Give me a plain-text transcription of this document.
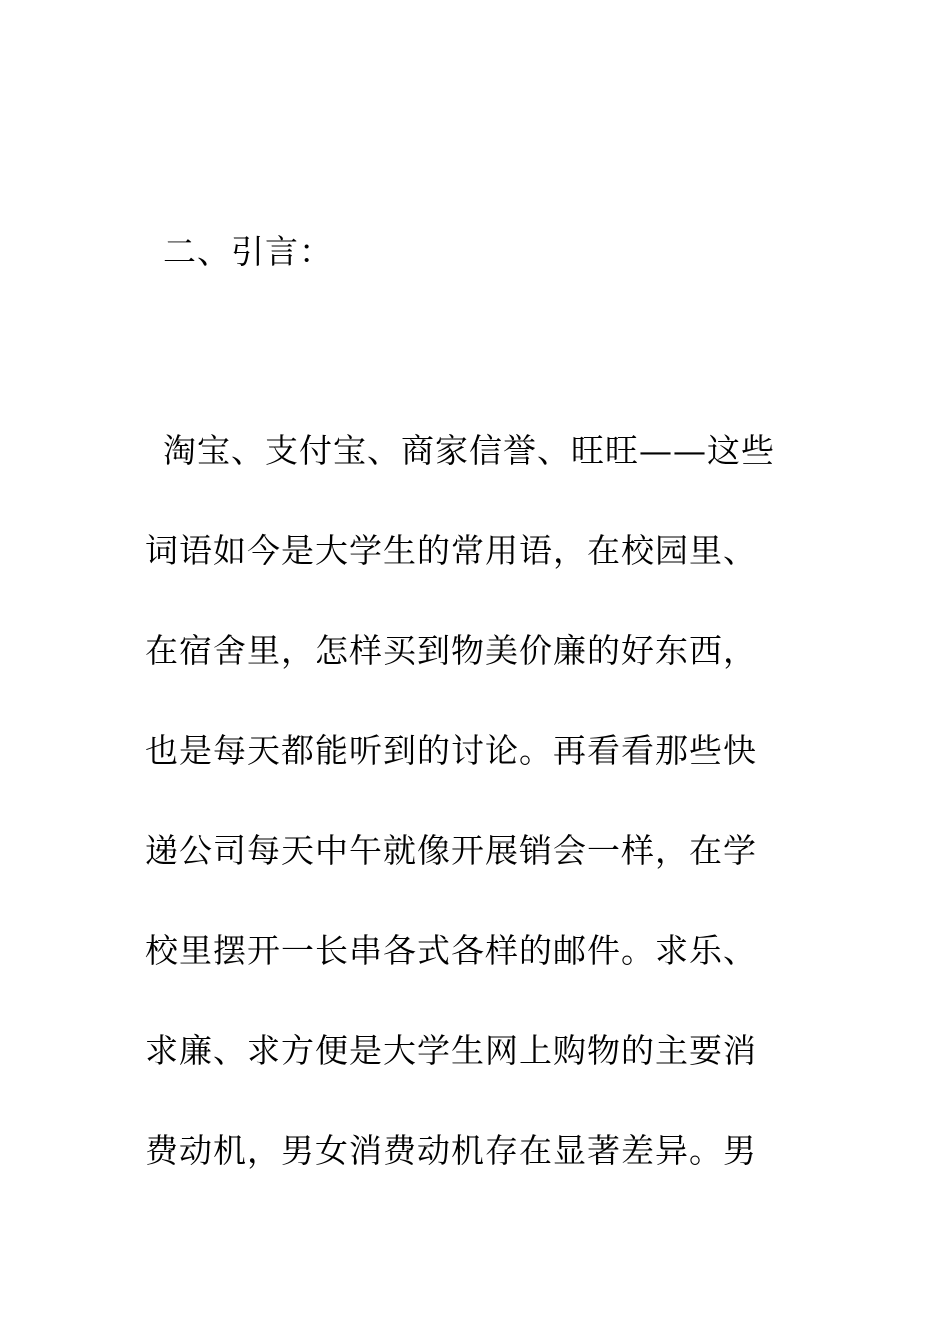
二、引言：
淘宝、支付宝、商家信誉、旺旺——这些
词语如今是大学生的常用语，在校园里、
在宿舍里，怎样买到物美价廉的好东西，
也是每天都能听到的讨论。再看看那些快
递公司每天中午就像开展销会一样，在学
校里摆开一长串各式各样的邮件。求乐、
求廉、求方便是大学生网上购物的主要消
费动机，男女消费动机存在显著差异。男
